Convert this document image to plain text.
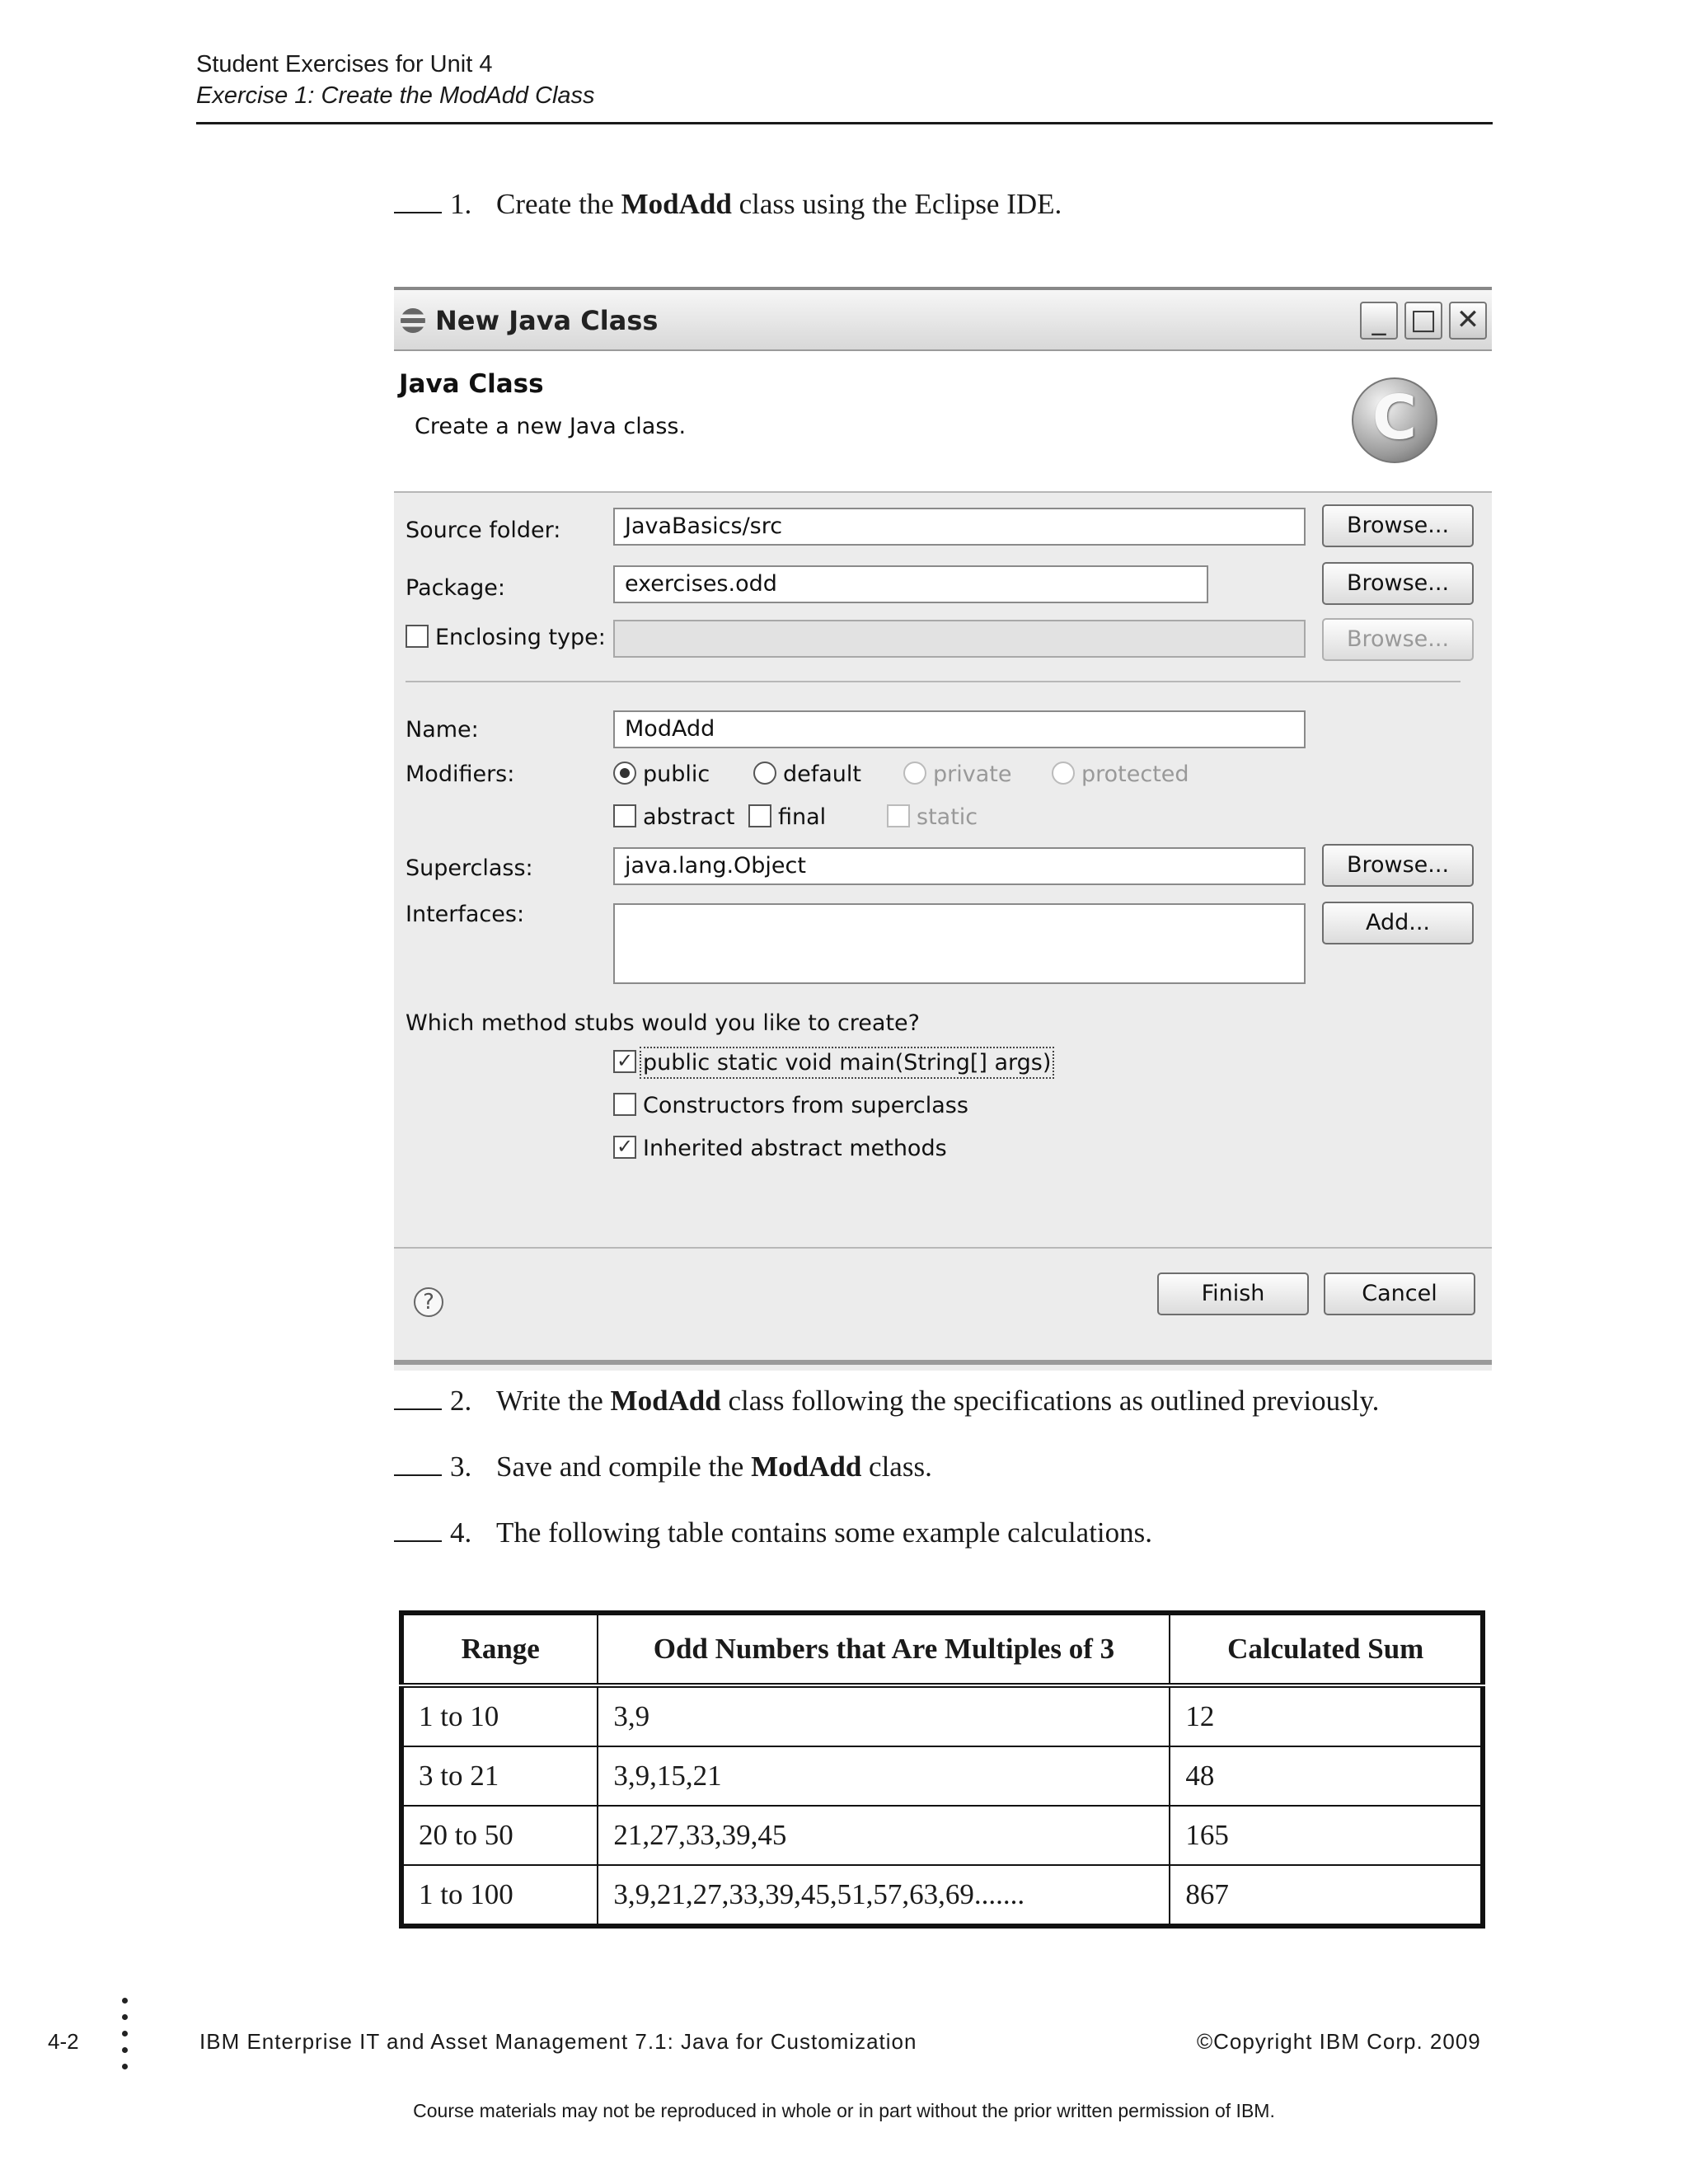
Student Exercises for Unit 4
Exercise 1: Create the ModAdd Class
1. Create the ModAdd class using the Eclipse IDE.
New Java Class	_ □ ✕
Java Class
Create a new Java class.	C
Source folder:	JavaBasics/src	Browse...
Package:	exercises.odd	Browse...
Enclosing type:	Browse...
Name:	ModAdd
Modifiers:	public	default	private	protected
abstract final	static
Superclass:	java.lang.Object	Browse...
Interfaces:	Add...
Which method stubs would you like to create?
✓ public static void main(String[] args)
Constructors from superclass
✓ Inherited abstract methods
?	Finish	Cancel
2. Write the ModAdd class following the specifications as outlined previously.
3. Save and compile the ModAdd class.
4. The following table contains some example calculations.
Range	Odd Numbers that Are Multiples of 3	Calculated Sum
1 to 10	3,9	12
3 to 21	3,9,15,21	48
20 to 50	21,27,33,39,45	165
1 to 100	3,9,21,27,33,39,45,51,57,63,69.......	867
4-2	IBM Enterprise IT and Asset Management 7.1: Java for Customization	©Copyright IBM Corp. 2009
Course materials may not be reproduced in whole or in part without the prior written permission of IBM.
